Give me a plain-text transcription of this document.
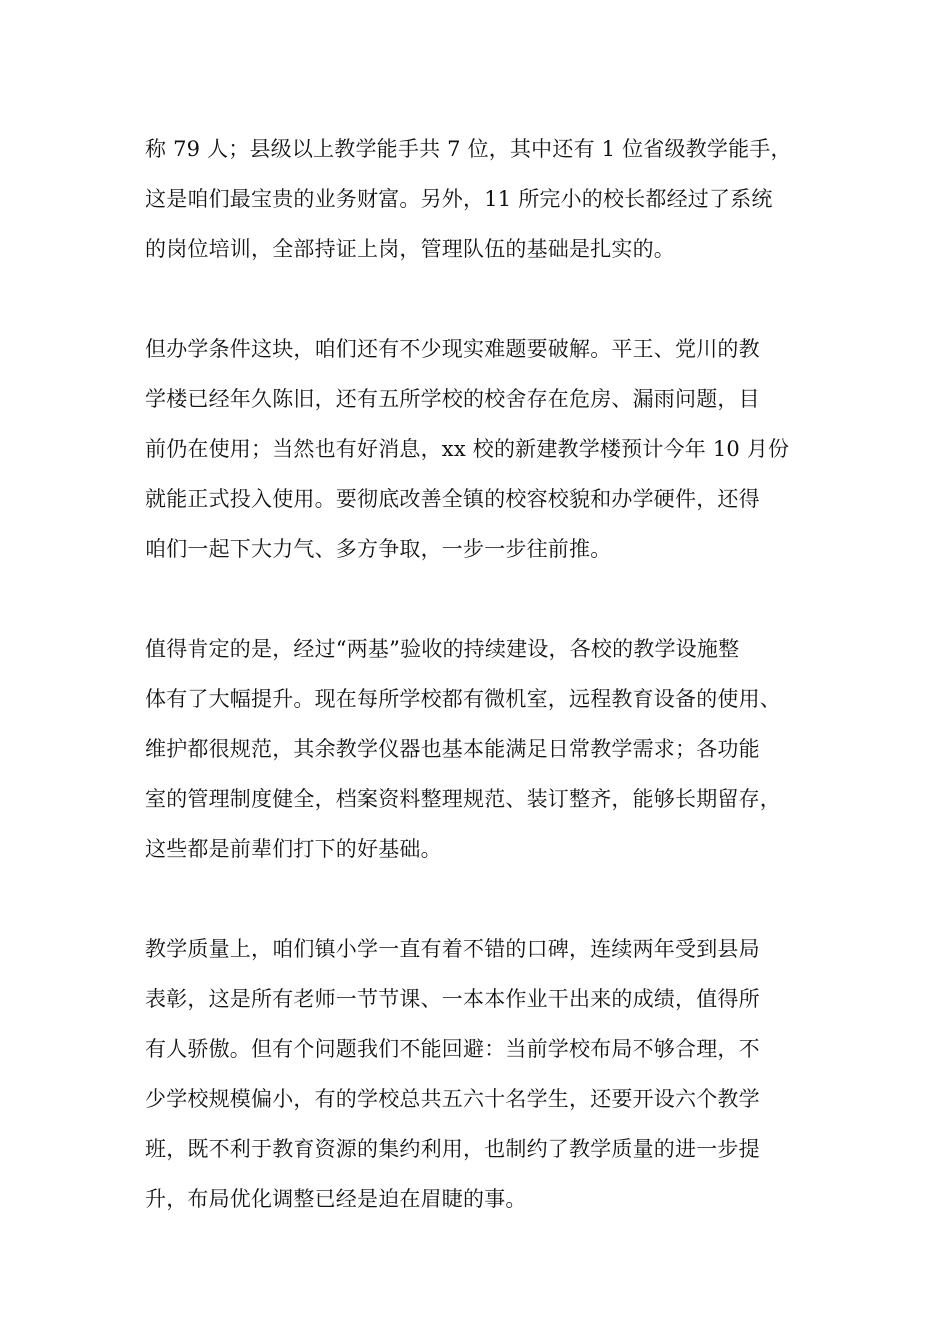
称 79 人；县级以上教学能手共 7 位，其中还有 1 位省级教学能手，
这是咱们最宝贵的业务财富。另外，11 所完小的校长都经过了系统
的岗位培训，全部持证上岗，管理队伍的基础是扎实的。
但办学条件这块，咱们还有不少现实难题要破解。平王、党川的教
学楼已经年久陈旧，还有五所学校的校舍存在危房、漏雨问题，目
前仍在使用；当然也有好消息，xx 校的新建教学楼预计今年 10 月份
就能正式投入使用。要彻底改善全镇的校容校貌和办学硬件，还得
咱们一起下大力气、多方争取，一步一步往前推。
值得肯定的是，经过“两基”验收的持续建设，各校的教学设施整
体有了大幅提升。现在每所学校都有微机室，远程教育设备的使用、
维护都很规范，其余教学仪器也基本能满足日常教学需求；各功能
室的管理制度健全，档案资料整理规范、装订整齐，能够长期留存，
这些都是前辈们打下的好基础。
教学质量上，咱们镇小学一直有着不错的口碑，连续两年受到县局
表彰，这是所有老师一节节课、一本本作业干出来的成绩，值得所
有人骄傲。但有个问题我们不能回避：当前学校布局不够合理，不
少学校规模偏小，有的学校总共五六十名学生，还要开设六个教学
班，既不利于教育资源的集约利用，也制约了教学质量的进一步提
升，布局优化调整已经是迫在眉睫的事。
